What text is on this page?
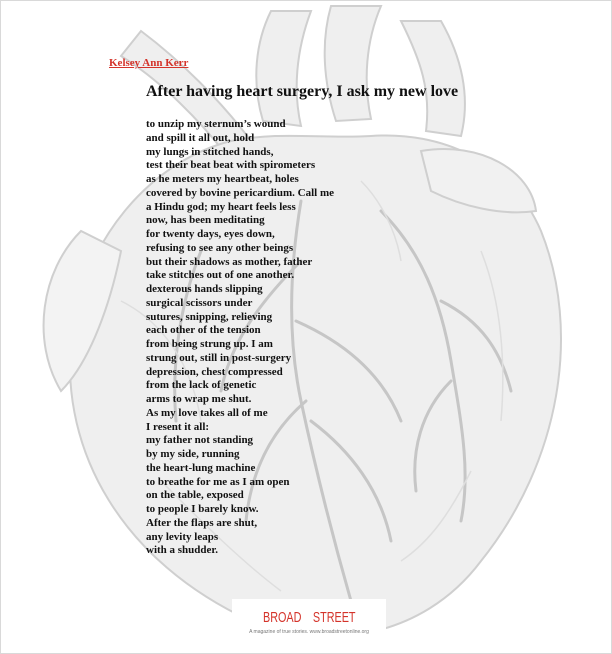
Kelsey Ann Kerr
After having heart surgery, I ask my new love
to unzip my sternum’s wound
and spill it all out, hold
my lungs in stitched hands,
test their beat beat with spirometers
as he meters my heartbeat, holes
covered by bovine pericardium. Call me
a Hindu god; my heart feels less
now, has been meditating
for twenty days, eyes down,
refusing to see any other beings
but their shadows as mother, father
take stitches out of one another.
dexterous hands slipping
surgical scissors under
sutures, snipping, relieving
each other of the tension
from being strung up. I am
strung out, still in post-surgery
depression, chest compressed
from the lack of genetic
arms to wrap me shut.
As my love takes all of me
I resent it all:
my father not standing
by my side, running
the heart-lung machine
to breathe for me as I am open
on the table, exposed
to people I barely know.
After the flaps are shut,
any levity leaps
with a shudder.
BROAD STREET
A magazine of true stories. www.broadstreetonline.org
